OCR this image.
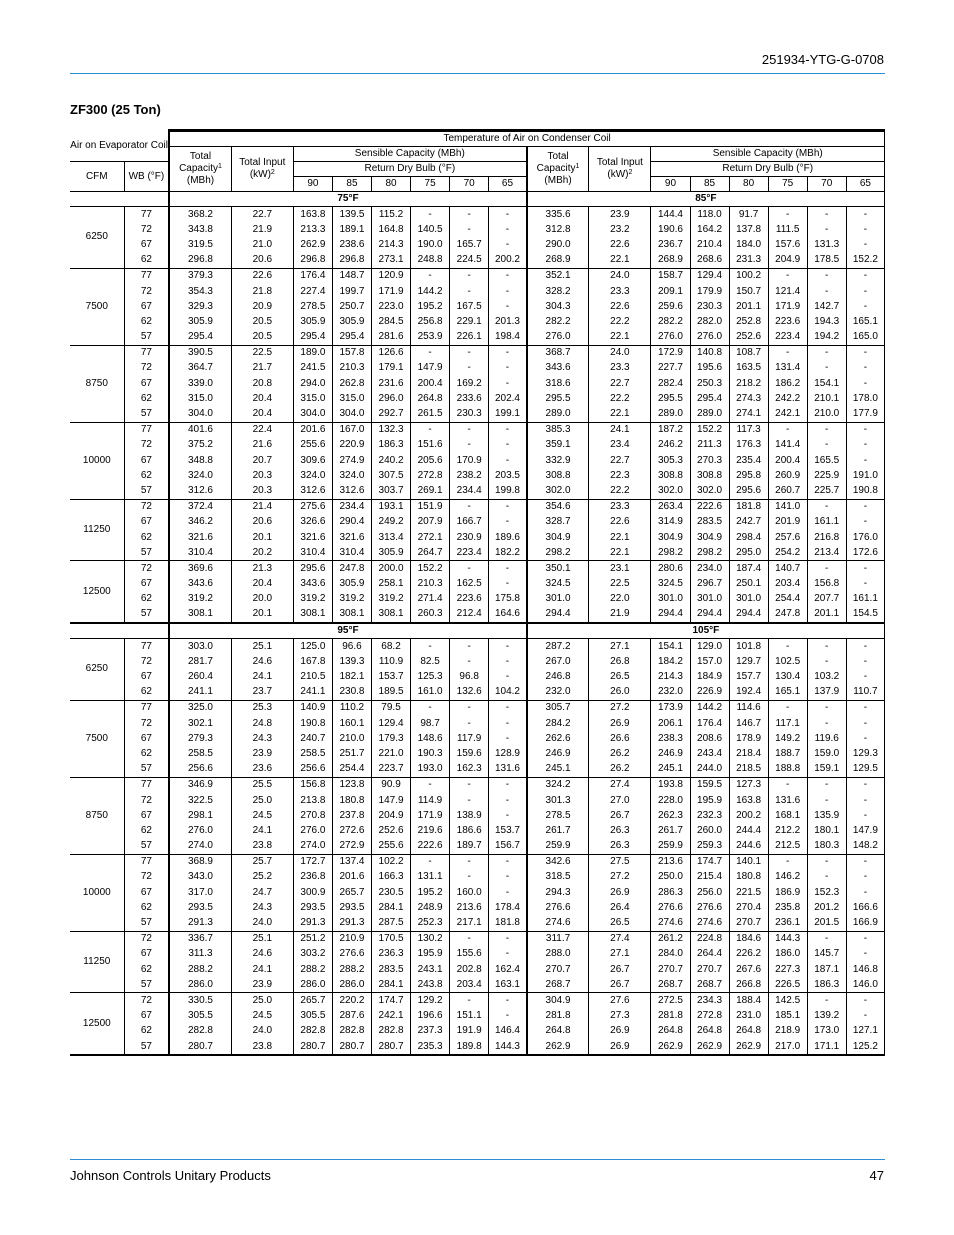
251934-YTG-G-0708
ZF300 (25 Ton)
Air on Evaporator Coil		Temperature of Air on Condenser Coil															
		Total Capacity$^1$
(MBh)	Total Input
(kW)$^2$	Sensible Capacity (MBh)						Total Capacity$^1$
(MBh)	Total Input
(kW)$^2$	Sensible Capacity (MBh)					
CFM	WB (°F)			Return Dry Bulb (°F)								Return Dry Bulb (°F)					
				90	85	80	75	70	65			90	85	80	75	70	65
		75°F								85°F							
6250	77	368.2	22.7	163.8	139.5	115.2	-	-	-	335.6	23.9	144.4	118.0	91.7	-	-	-
	72	343.8	21.9	213.3	189.1	164.8	140.5	-	-	312.8	23.2	190.6	164.2	137.8	111.5	-	-
	67	319.5	21.0	262.9	238.6	214.3	190.0	165.7	-	290.0	22.6	236.7	210.4	184.0	157.6	131.3	-
	62	296.8	20.6	296.8	296.8	273.1	248.8	224.5	200.2	268.9	22.1	268.9	268.6	231.3	204.9	178.5	152.2
7500	77	379.3	22.6	176.4	148.7	120.9	-	-	-	352.1	24.0	158.7	129.4	100.2	-	-	-
	72	354.3	21.8	227.4	199.7	171.9	144.2	-	-	328.2	23.3	209.1	179.9	150.7	121.4	-	-
	67	329.3	20.9	278.5	250.7	223.0	195.2	167.5	-	304.3	22.6	259.6	230.3	201.1	171.9	142.7	-
	62	305.9	20.5	305.9	305.9	284.5	256.8	229.1	201.3	282.2	22.2	282.2	282.0	252.8	223.6	194.3	165.1
	57	295.4	20.5	295.4	295.4	281.6	253.9	226.1	198.4	276.0	22.1	276.0	276.0	252.6	223.4	194.2	165.0
8750	77	390.5	22.5	189.0	157.8	126.6	-	-	-	368.7	24.0	172.9	140.8	108.7	-	-	-
	72	364.7	21.7	241.5	210.3	179.1	147.9	-	-	343.6	23.3	227.7	195.6	163.5	131.4	-	-
	67	339.0	20.8	294.0	262.8	231.6	200.4	169.2	-	318.6	22.7	282.4	250.3	218.2	186.2	154.1	-
	62	315.0	20.4	315.0	315.0	296.0	264.8	233.6	202.4	295.5	22.2	295.5	295.4	274.3	242.2	210.1	178.0
	57	304.0	20.4	304.0	304.0	292.7	261.5	230.3	199.1	289.0	22.1	289.0	289.0	274.1	242.1	210.0	177.9
10000	77	401.6	22.4	201.6	167.0	132.3	-	-	-	385.3	24.1	187.2	152.2	117.3	-	-	-
	72	375.2	21.6	255.6	220.9	186.3	151.6	-	-	359.1	23.4	246.2	211.3	176.3	141.4	-	-
	67	348.8	20.7	309.6	274.9	240.2	205.6	170.9	-	332.9	22.7	305.3	270.3	235.4	200.4	165.5	-
	62	324.0	20.3	324.0	324.0	307.5	272.8	238.2	203.5	308.8	22.3	308.8	308.8	295.8	260.9	225.9	191.0
	57	312.6	20.3	312.6	312.6	303.7	269.1	234.4	199.8	302.0	22.2	302.0	302.0	295.6	260.7	225.7	190.8
11250	72	372.4	21.4	275.6	234.4	193.1	151.9	-	-	354.6	23.3	263.4	222.6	181.8	141.0	-	-
	67	346.2	20.6	326.6	290.4	249.2	207.9	166.7	-	328.7	22.6	314.9	283.5	242.7	201.9	161.1	-
	62	321.6	20.1	321.6	321.6	313.4	272.1	230.9	189.6	304.9	22.1	304.9	304.9	298.4	257.6	216.8	176.0
	57	310.4	20.2	310.4	310.4	305.9	264.7	223.4	182.2	298.2	22.1	298.2	298.2	295.0	254.2	213.4	172.6
12500	72	369.6	21.3	295.6	247.8	200.0	152.2	-	-	350.1	23.1	280.6	234.0	187.4	140.7	-	-
	67	343.6	20.4	343.6	305.9	258.1	210.3	162.5	-	324.5	22.5	324.5	296.7	250.1	203.4	156.8	-
	62	319.2	20.0	319.2	319.2	319.2	271.4	223.6	175.8	301.0	22.0	301.0	301.0	301.0	254.4	207.7	161.1
	57	308.1	20.1	308.1	308.1	308.1	260.3	212.4	164.6	294.4	21.9	294.4	294.4	294.4	247.8	201.1	154.5
		95°F								105°F							
6250	77	303.0	25.1	125.0	96.6	68.2	-	-	-	287.2	27.1	154.1	129.0	101.8	-	-	-
	72	281.7	24.6	167.8	139.3	110.9	82.5	-	-	267.0	26.8	184.2	157.0	129.7	102.5	-	-
	67	260.4	24.1	210.5	182.1	153.7	125.3	96.8	-	246.8	26.5	214.3	184.9	157.7	130.4	103.2	-
	62	241.1	23.7	241.1	230.8	189.5	161.0	132.6	104.2	232.0	26.0	232.0	226.9	192.4	165.1	137.9	110.7
7500	77	325.0	25.3	140.9	110.2	79.5	-	-	-	305.7	27.2	173.9	144.2	114.6	-	-	-
	72	302.1	24.8	190.8	160.1	129.4	98.7	-	-	284.2	26.9	206.1	176.4	146.7	117.1	-	-
	67	279.3	24.3	240.7	210.0	179.3	148.6	117.9	-	262.6	26.6	238.3	208.6	178.9	149.2	119.6	-
	62	258.5	23.9	258.5	251.7	221.0	190.3	159.6	128.9	246.9	26.2	246.9	243.4	218.4	188.7	159.0	129.3
	57	256.6	23.6	256.6	254.4	223.7	193.0	162.3	131.6	245.1	26.2	245.1	244.0	218.5	188.8	159.1	129.5
8750	77	346.9	25.5	156.8	123.8	90.9	-	-	-	324.2	27.4	193.8	159.5	127.3	-	-	-
	72	322.5	25.0	213.8	180.8	147.9	114.9	-	-	301.3	27.0	228.0	195.9	163.8	131.6	-	-
	67	298.1	24.5	270.8	237.8	204.9	171.9	138.9	-	278.5	26.7	262.3	232.3	200.2	168.1	135.9	-
	62	276.0	24.1	276.0	272.6	252.6	219.6	186.6	153.7	261.7	26.3	261.7	260.0	244.4	212.2	180.1	147.9
	57	274.0	23.8	274.0	272.9	255.6	222.6	189.7	156.7	259.9	26.3	259.9	259.3	244.6	212.5	180.3	148.2
10000	77	368.9	25.7	172.7	137.4	102.2	-	-	-	342.6	27.5	213.6	174.7	140.1	-	-	-
	72	343.0	25.2	236.8	201.6	166.3	131.1	-	-	318.5	27.2	250.0	215.4	180.8	146.2	-	-
	67	317.0	24.7	300.9	265.7	230.5	195.2	160.0	-	294.3	26.9	286.3	256.0	221.5	186.9	152.3	-
	62	293.5	24.3	293.5	293.5	284.1	248.9	213.6	178.4	276.6	26.4	276.6	276.6	270.4	235.8	201.2	166.6
	57	291.3	24.0	291.3	291.3	287.5	252.3	217.1	181.8	274.6	26.5	274.6	274.6	270.7	236.1	201.5	166.9
11250	72	336.7	25.1	251.2	210.9	170.5	130.2	-	-	311.7	27.4	261.2	224.8	184.6	144.3	-	-
	67	311.3	24.6	303.2	276.6	236.3	195.9	155.6	-	288.0	27.1	284.0	264.4	226.2	186.0	145.7	-
	62	288.2	24.1	288.2	288.2	283.5	243.1	202.8	162.4	270.7	26.7	270.7	270.7	267.6	227.3	187.1	146.8
	57	286.0	23.9	286.0	286.0	284.1	243.8	203.4	163.1	268.7	26.7	268.7	268.7	266.8	226.5	186.3	146.0
12500	72	330.5	25.0	265.7	220.2	174.7	129.2	-	-	304.9	27.6	272.5	234.3	188.4	142.5	-	-
	67	305.5	24.5	305.5	287.6	242.1	196.6	151.1	-	281.8	27.3	281.8	272.8	231.0	185.1	139.2	-
	62	282.8	24.0	282.8	282.8	282.8	237.3	191.9	146.4	264.8	26.9	264.8	264.8	264.8	218.9	173.0	127.1
	57	280.7	23.8	280.7	280.7	280.7	235.3	189.8	144.3	262.9	26.9	262.9	262.9	262.9	217.0	171.1	125.2
Johnson Controls Unitary Products	47
